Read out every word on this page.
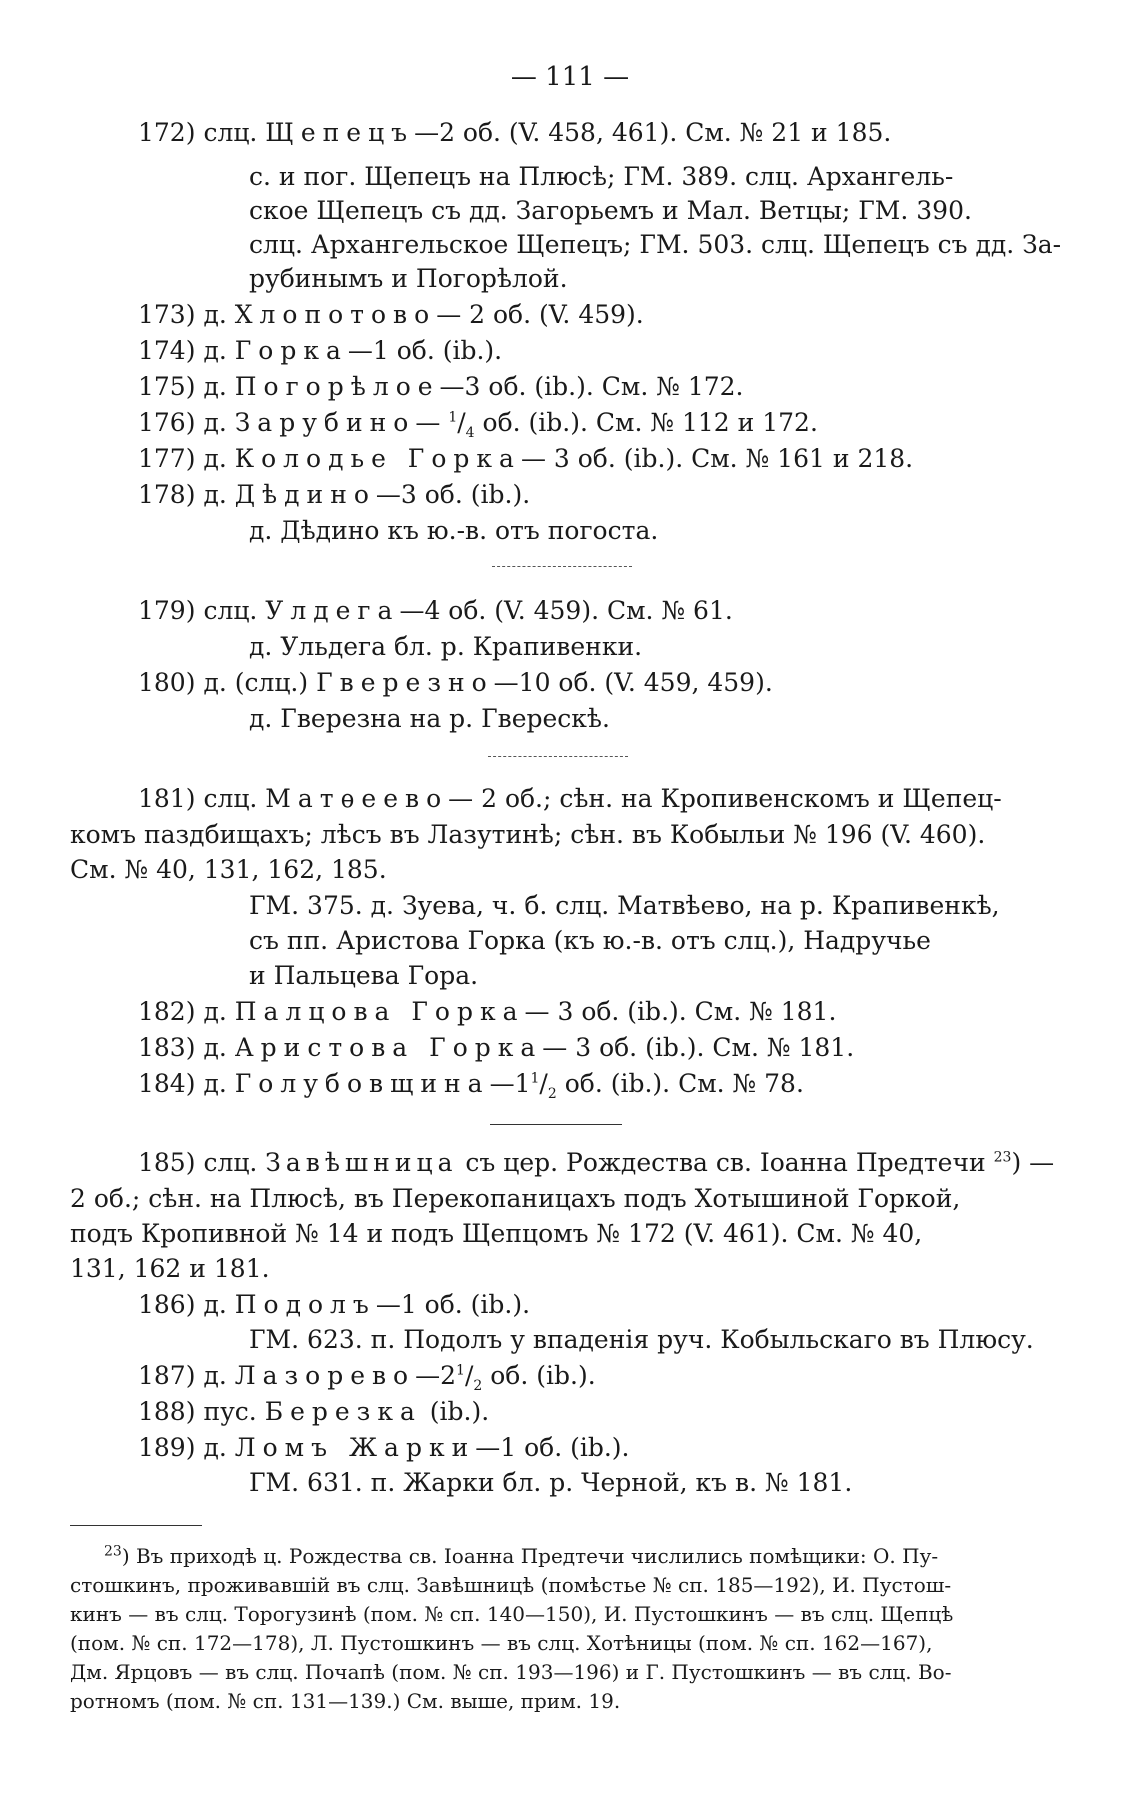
— 111 —
172) слц. Щепецъ—2 об. (V. 458, 461). См. № 21 и 185.
с. и пог. Щепецъ на Плюсѣ; ГМ. 389. слц. Архангель-
ское Щепецъ съ дд. Загорьемъ и Мал. Ветцы; ГМ. 390.
слц. Архангельское Щепецъ; ГМ. 503. слц. Щепецъ съ дд. За-
рубинымъ и Погорѣлой.
173) д. Хлопотово— 2 об. (V. 459).
174) д. Горка—1 об. (ib.).
175) д. Погорѣлое—3 об. (ib.). См. № 172.
176) д. Зарубино— $^1/_4$ об. (ib.). См. № 112 и 172.
177) д. Колодье Горка— 3 об. (ib.). См. № 161 и 218.
178) д. Дѣдино—3 об. (ib.).
д. Дѣдино къ ю.-в. отъ погоста.
179) слц. Улдега—4 об. (V. 459). См. № 61.
д. Ульдега бл. р. Крапивенки.
180) д. (слц.) Гверезно—10 об. (V. 459, 459).
д. Гверезна на р. Гверескѣ.
181) слц. Матѳеево— 2 об.; сѣн. на Кропивенскомъ и Щепец-
комъ паздбищахъ; лѣсъ въ Лазутинѣ; сѣн. въ Кобыльи № 196 (V. 460).
См. № 40, 131, 162, 185.
ГМ. 375. д. Зуева, ч. б. слц. Матвѣево, на р. Крапивенкѣ,
съ пп. Аристова Горка (къ ю.-в. отъ слц.), Надручье
и Пальцева Гора.
182) д. Палцова Горка— 3 об. (ib.). См. № 181.
183) д. Аристова Горка— 3 об. (ib.). См. № 181.
184) д. $Голубовщина—1^1/_2$ об. (ib.). См. № 78.
185) слц. Завѣшница съ цер. Рождества св. Іоанна Предтечи $^{23}$) —
2 об.; сѣн. на Плюсѣ, въ Перекопаницахъ подъ Хотышиной Горкой,
подъ Кропивной № 14 и подъ Щепцомъ № 172 (V. 461). См. № 40,
131, 162 и 181.
186) д. Подолъ—1 об. (ib.).
ГМ. 623. п. Подолъ у впаденія руч. Кобыльскаго въ Плюсу.
187) д. $Лазорево—2^1/_2$ об. (ib.).
188) пус. Березка (ib.).
189) д. Ломъ Жарки—1 об. (ib.).
ГМ. 631. п. Жарки бл. р. Черной, къ в. № 181.
$^{23}$) Въ приходѣ ц. Рождества св. Іоанна Предтечи числились помѣщики: О. Пу-
стошкинъ, проживавшій въ слц. Завѣшницѣ (помѣстье № сп. 185—192), И. Пустош-
кинъ — въ слц. Торогузинѣ (пом. № сп. 140—150), И. Пустошкинъ — въ слц. Щепцѣ
(пом. № сп. 172—178), Л. Пустошкинъ — въ слц. Хотѣницы (пом. № сп. 162—167),
Дм. Ярцовъ — въ слц. Почапѣ (пом. № сп. 193—196) и Г. Пустошкинъ — въ слц. Во-
ротномъ (пом. № сп. 131—139.) См. выше, прим. 19.
